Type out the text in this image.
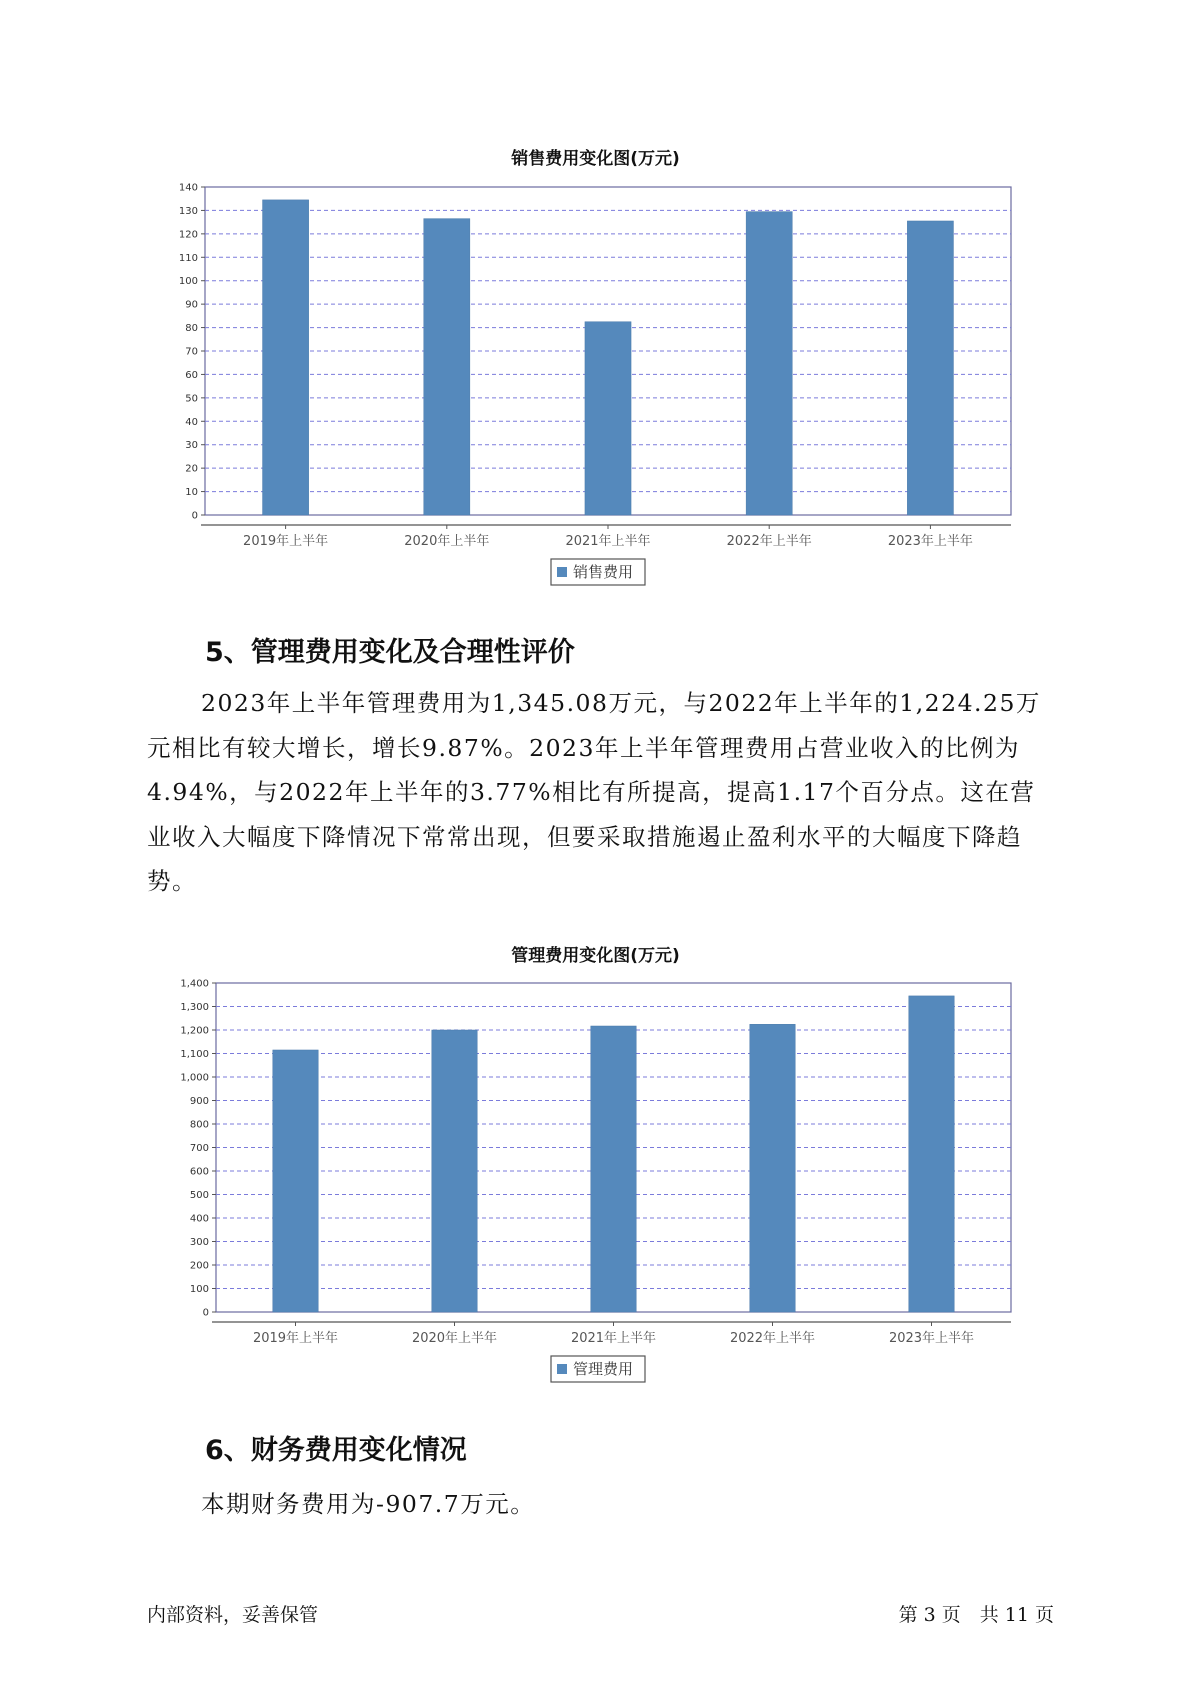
销售费用变化图(万元)
0
10
20
30
40
50
60
70
80
90
100
110
120
130
140
2019年上半年	2020年上半年	2021年上半年	2022年上半年	2023年上半年
销售费用
5、管理费用变化及合理性评价

2023年上半年管理费用为1,345.08万元，与2022年上半年的1,224.25万元相比有较大增长，增长9.87%。2023年上半年管理费用占营业收入的比例为4.94%，与2022年上半年的3.77%相比有所提高，提高1.17个百分点。这在营业收入大幅度下降情况下常常出现，但要采取措施遏止盈利水平的大幅度下降趋势。

管理费用变化图(万元)
0
100
200
300
400
500
600
700
800
900
1,000
1,100
1,200
1,300
1,400
2019年上半年	2020年上半年	2021年上半年	2022年上半年	2023年上半年
管理费用
6、财务费用变化情况

本期财务费用为-907.7万元。

内部资料，妥善保管	第 3 页　共 11 页
